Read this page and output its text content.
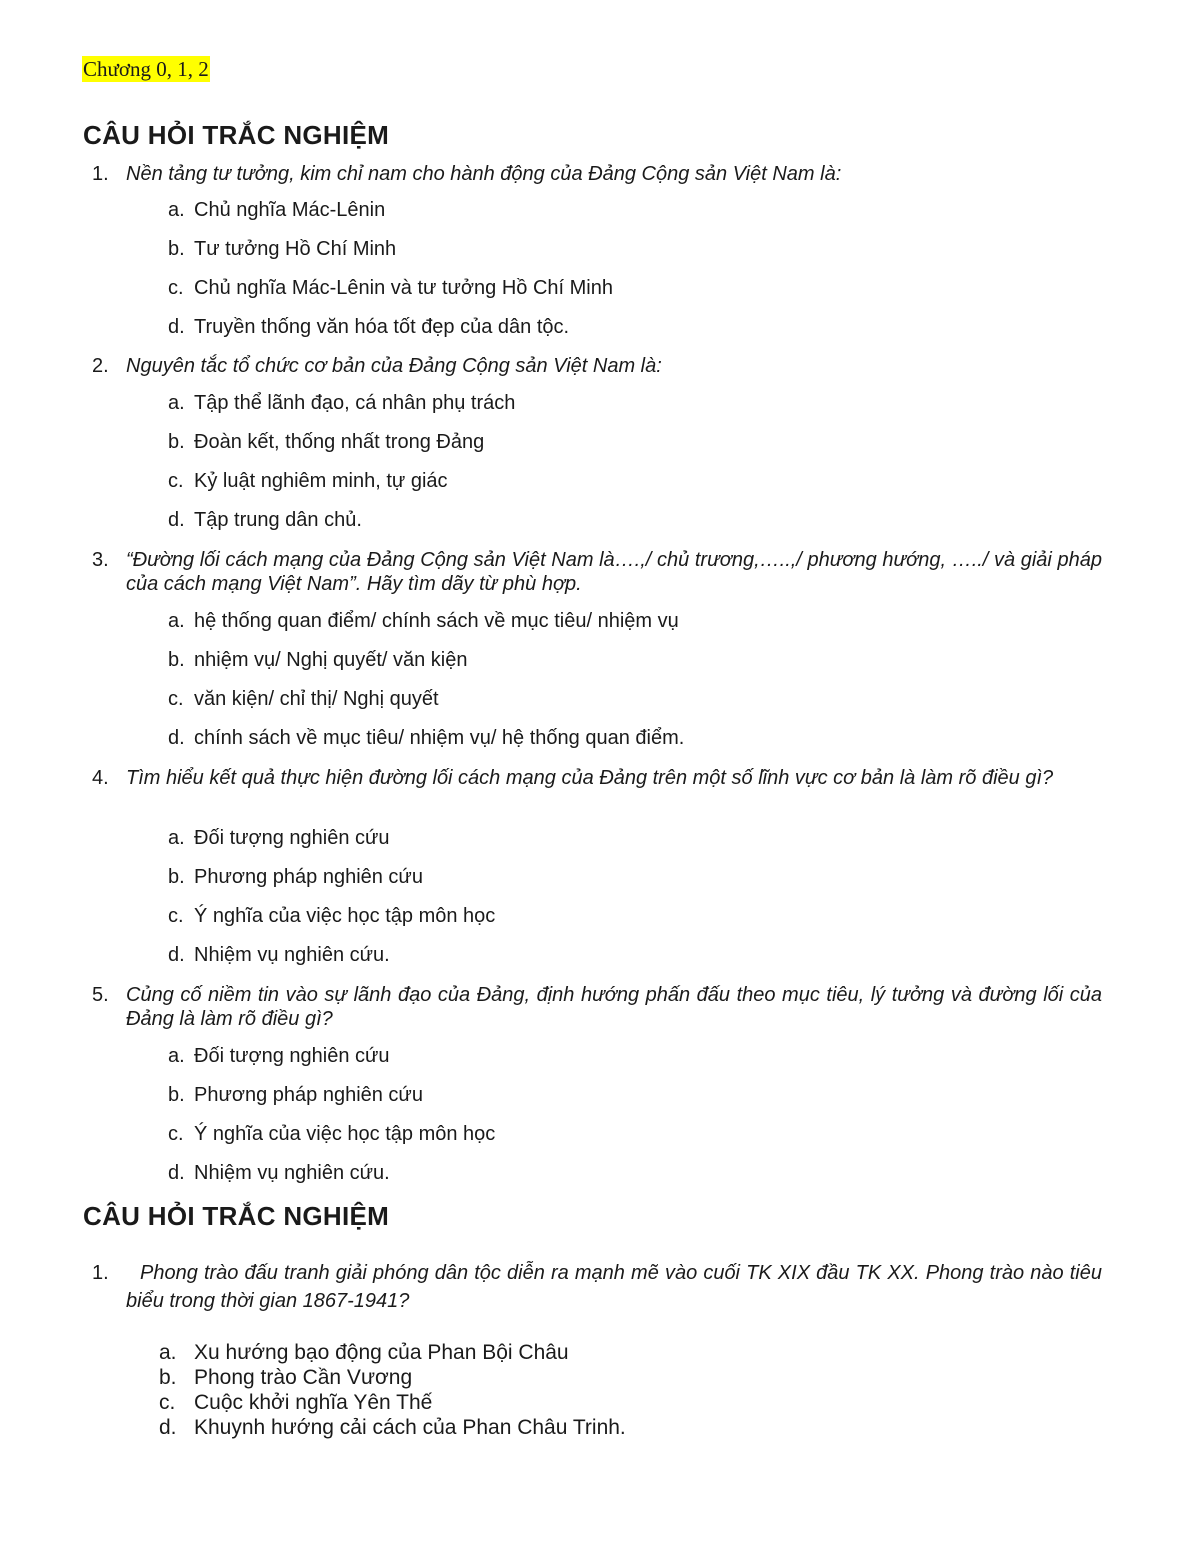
Chương 0, 1, 2
CÂU HỎI TRẮC NGHIỆM
1. Nền tảng tư tưởng, kim chỉ nam cho hành động của Đảng Cộng sản Việt Nam là:
a. Chủ nghĩa Mác-Lênin
b. Tư tưởng Hồ Chí Minh
c. Chủ nghĩa Mác-Lênin và tư tưởng Hồ Chí Minh
d. Truyền thống văn hóa tốt đẹp của dân tộc.
2. Nguyên tắc tổ chức cơ bản của Đảng Cộng sản Việt Nam là:
a. Tập thể lãnh đạo, cá nhân phụ trách
b. Đoàn kết, thống nhất trong Đảng
c. Kỷ luật nghiêm minh, tự giác
d. Tập trung dân chủ.
3. “Đường lối cách mạng của Đảng Cộng sản Việt Nam là….,/ chủ trương,…..,/ phương hướng, …../ và giải pháp của cách mạng Việt Nam”. Hãy tìm dãy từ phù hợp.
a. hệ thống quan điểm/ chính sách về mục tiêu/ nhiệm vụ
b. nhiệm vụ/ Nghị quyết/ văn kiện
c. văn kiện/ chỉ thị/ Nghị quyết
d. chính sách về mục tiêu/ nhiệm vụ/ hệ thống quan điểm.
4. Tìm hiểu kết quả thực hiện đường lối cách mạng của Đảng trên một số lĩnh vực cơ bản là làm rõ điều gì?
a. Đối tượng nghiên cứu
b. Phương pháp nghiên cứu
c. Ý nghĩa của việc học tập môn học
d. Nhiệm vụ nghiên cứu.
5. Củng cố niềm tin vào sự lãnh đạo của Đảng, định hướng phấn đấu theo mục tiêu, lý tưởng và đường lối của Đảng là làm rõ điều gì?
a. Đối tượng nghiên cứu
b. Phương pháp nghiên cứu
c. Ý nghĩa của việc học tập môn học
d. Nhiệm vụ nghiên cứu.
CÂU HỎI TRẮC NGHIỆM
1.	Phong trào đấu tranh giải phóng dân tộc diễn ra mạnh mẽ vào cuối TK XIX đầu TK XX. Phong trào nào tiêu biểu trong thời gian 1867-1941?
a. Xu hướng bạo động của Phan Bội Châu
b. Phong trào Cần Vương
c. Cuộc khởi nghĩa Yên Thế
d. Khuynh hướng cải cách của Phan Châu Trinh.
